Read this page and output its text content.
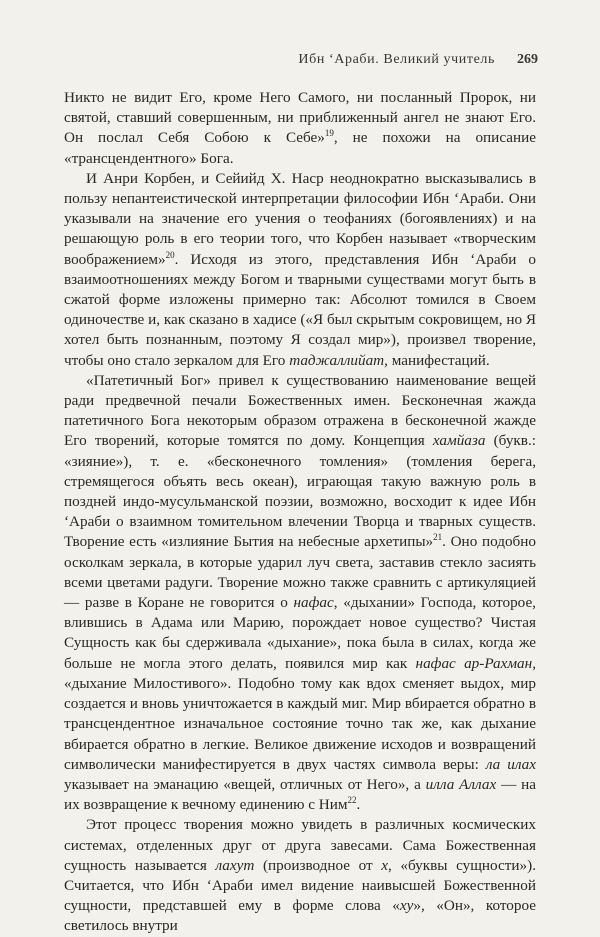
Ибн ‘Араби. Великий учитель 269

Никто не видит Его, кроме Него Самого, ни посланный Пророк, ни святой, ставший совершенным, ни приближенный ангел не знают Его. Он послал Себя Собою к Себе»$^{19}$, не похожи на описание «трансцендентного» Бога.

И Анри Корбен, и Сейийд Х. Наср неоднократно высказывались в пользу непантеистической интерпретации философии Ибн ‘Араби. Они указывали на значение его учения о теофаниях (богоявлениях) и на решающую роль в его теории того, что Корбен называет «творческим воображением»$^{20}$. Исходя из этого, представления Ибн ‘Араби о взаимоотношениях между Богом и тварными существами могут быть в сжатой форме изложены примерно так: Абсолют томился в Своем одиночестве и, как сказано в хадисе («Я был скрытым сокровищем, но Я хотел быть познанным, поэтому Я создал мир»), произвел творение, чтобы оно стало зеркалом для Его таджаллийат, манифестаций.

«Патетичный Бог» привел к существованию наименование вещей ради предвечной печали Божественных имен. Бесконечная жажда патетичного Бога некоторым образом отражена в бесконечной жажде Его творений, которые томятся по дому. Концепция хамйаза (букв.: «зияние»), т. е. «бесконечного томления» (томления берега, стремящегося объять весь океан), играющая такую важную роль в поздней индо-мусульманской поэзии, возможно, восходит к идее Ибн ‘Араби о взаимном томительном влечении Творца и тварных существ. Творение есть «излияние Бытия на небесные архетипы»$^{21}$. Оно подобно осколкам зеркала, в которые ударил луч света, заставив стекло засиять всеми цветами радуги. Творение можно также сравнить с артикуляцией — разве в Коране не говорится о нафас, «дыхании» Господа, которое, влившись в Адама или Марию, порождает новое существо? Чистая Сущность как бы сдерживала «дыхание», пока была в силах, когда же больше не могла этого делать, появился мир как нафас ар-Рахман, «дыхание Милостивого». Подобно тому как вдох сменяет выдох, мир создается и вновь уничтожается в каждый миг. Мир вбирается обратно в трансцендентное изначальное состояние точно так же, как дыхание вбирается обратно в легкие. Великое движение исходов и возвращений символически манифестируется в двух частях символа веры: ла илах указывает на эманацию «вещей, отличных от Него», а илла Аллах — на их возвращение к вечному единению с Ним$^{22}$.

Этот процесс творения можно увидеть в различных космических системах, отделенных друг от друга завесами. Сама Божественная сущность называется лахут (производное от х, «буквы сущности»). Считается, что Ибн ‘Араби имел видение наивысшей Божественной сущности, представшей ему в форме слова «ху», «Он», которое светилось внутри
